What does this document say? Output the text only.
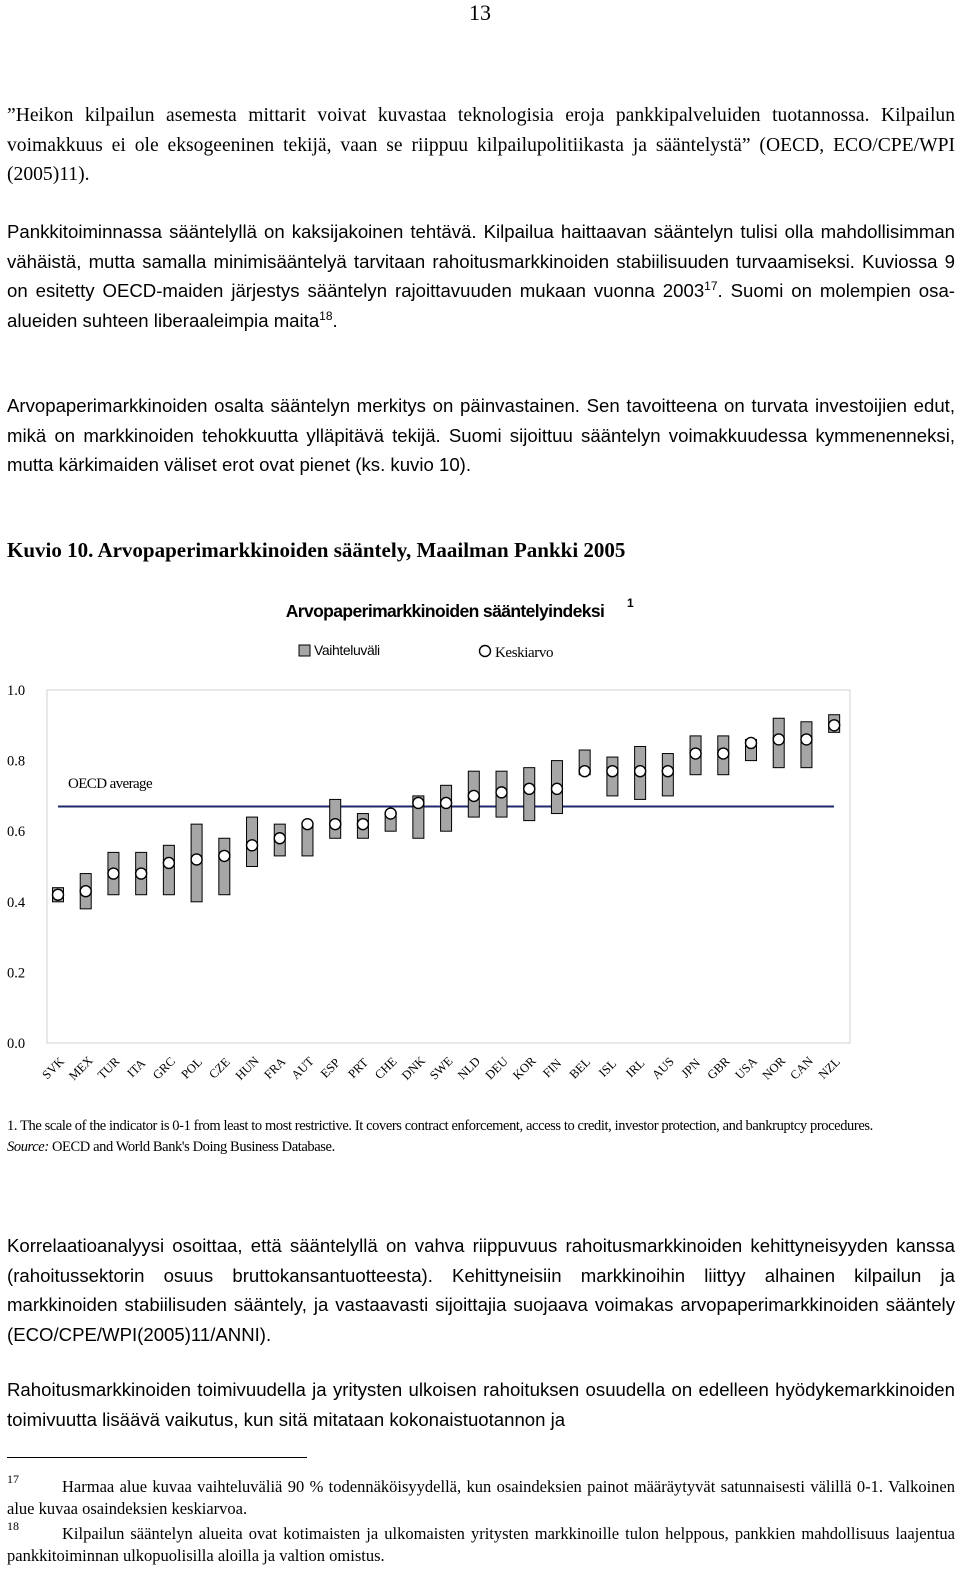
13

”Heikon kilpailun asemesta mittarit voivat kuvastaa teknologisia eroja pankkipalveluiden tuotannossa. Kilpailun voimakkuus ei ole eksogeeninen tekijä, vaan se riippuu kilpailupolitiikasta ja sääntelystä” (OECD, ECO/CPE/WPI (2005)11).

Pankkitoiminnassa sääntelyllä on kaksijakoinen tehtävä. Kilpailua haittaavan sääntelyn tulisi olla mahdollisimman vähäistä, mutta samalla minimisääntelyä tarvitaan rahoitusmarkkinoiden stabiilisuuden turvaamiseksi. Kuviossa 9 on esitetty OECD-maiden järjestys sääntelyn rajoittavuuden mukaan vuonna 2003$^{17}$. Suomi on molempien osa-alueiden suhteen liberaaleimpia maita$^{18}$.

Arvopaperimarkkinoiden osalta sääntelyn merkitys on päinvastainen. Sen tavoitteena on turvata investoijien edut, mikä on markkinoiden tehokkuutta ylläpitävä tekijä. Suomi sijoittuu sääntelyn voimakkuudessa kymmenenneksi, mutta kärkimaiden väliset erot ovat pienet (ks. kuvio 10).

Kuvio 10. Arvopaperimarkkinoiden sääntely, Maailman Pankki 2005
Arvopaperimarkkinoiden sääntelyindeksi 1
Vaihteluväli	Keskiarvo
1.0
0.8
0.6
0.4
0.2
0.0
OECD average
SVK MEX TUR ITA GRC POL CZE HUN FRA AUT ESP PRT CHE DNK
SWE NLD DEU KOR FIN BEL ISL IRL AUS JPN GBR USA NOR CAN NZL
1. The scale of the indicator is 0-1 from least to most restrictive. It covers contract enforcement, access to credit, investor protection, and bankruptcy procedures.
Source: OECD and World Bank's Doing Business Database.

Korrelaatioanalyysi osoittaa, että sääntelyllä on vahva riippuvuus rahoitusmarkkinoiden kehittyneisyyden kanssa (rahoitussektorin osuus bruttokansantuotteesta). Kehittyneisiin markkinoihin liittyy alhainen kilpailun ja markkinoiden stabiilisuden sääntely, ja vastaavasti sijoittajia suojaava voimakas arvopaperimarkkinoiden sääntely (ECO/CPE/WPI(2005)11/ANNI).

Rahoitusmarkkinoiden toimivuudella ja yritysten ulkoisen rahoituksen osuudella on edelleen hyödykemarkkinoiden toimivuutta lisäävä vaikutus, kun sitä mitataan kokonaistuotannon ja

17	Harmaa alue kuvaa vaihteluväliä 90 % todennäköisyydellä, kun osaindeksien painot määräytyvät satunnaisesti välillä 0-1. Valkoinen alue kuvaa osaindeksien keskiarvoa.
18	Kilpailun sääntelyn alueita ovat kotimaisten ja ulkomaisten yritysten markkinoille tulon helppous, pankkien mahdollisuus laajentua pankkitoiminnan ulkopuolisilla aloilla ja valtion omistus.
